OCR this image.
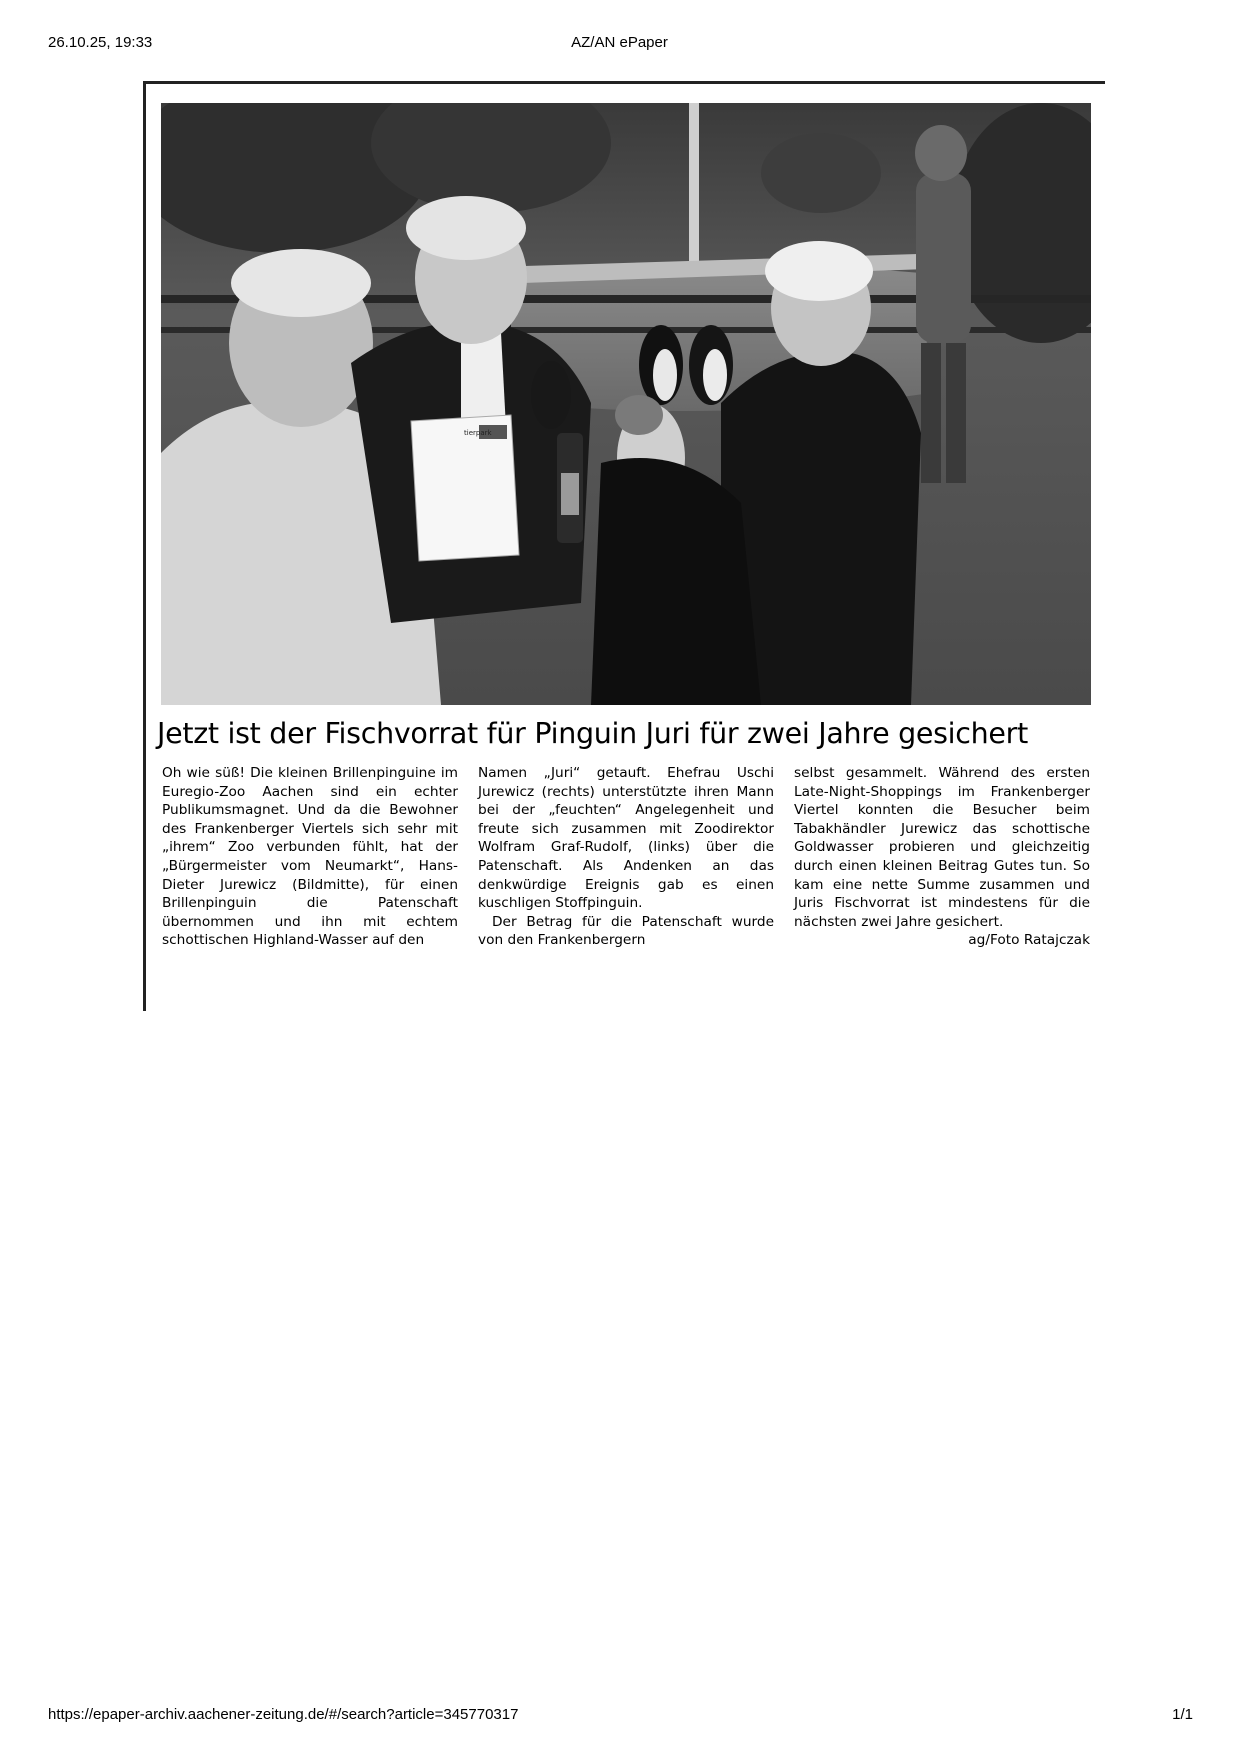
26.10.25, 19:33	AZ/AN ePaper
tierpark
Jetzt ist der Fischvorrat für Pinguin Juri für zwei Jahre gesichert

Oh wie süß! Die kleinen Brillenpinguine im Euregio-Zoo Aachen sind ein echter Publikumsmagnet. Und da die Bewohner des Frankenberger Viertels sich sehr mit „ihrem“ Zoo verbunden fühlt, hat der „Bürgermeister vom Neumarkt“, Hans-Dieter Jurewicz (Bildmitte), für einen Brillenpinguin die Patenschaft übernommen und ihn mit echtem schottischen Highland-Wasser auf den

Namen „Juri“ getauft. Ehefrau Uschi Jurewicz (rechts) unterstützte ihren Mann bei der „feuchten“ Angelegenheit und freute sich zusammen mit Zoodirektor Wolfram Graf-Rudolf, (links) über die Patenschaft. Als Andenken an das denkwürdige Ereignis gab es einen kuschligen Stoffpinguin.

Der Betrag für die Patenschaft wurde von den Frankenbergern

selbst gesammelt. Während des ersten Late-Night-Shoppings im Frankenberger Viertel konnten die Besucher beim Tabakhändler Jurewicz das schottische Goldwasser probieren und gleichzeitig durch einen kleinen Beitrag Gutes tun. So kam eine nette Summe zusammen und Juris Fischvorrat ist mindestens für die nächsten zwei Jahre gesichert.

ag/Foto Ratajczak

https://epaper-archiv.aachener-zeitung.de/#/search?article=345770317	1/1
